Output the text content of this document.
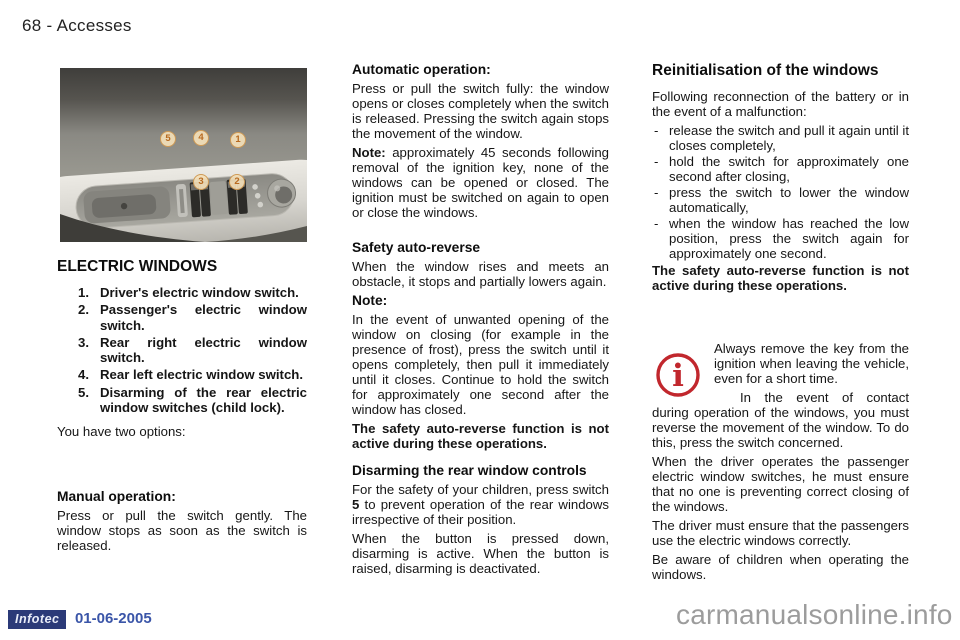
68 - Accesses
5	4	1
3	2
ELECTRIC WINDOWS
1. Driver's electric window switch.
2. Passenger's electric window switch.
3. Rear right electric window switch.
4. Rear left electric window switch.
5. Disarming of the rear electric window switches (child lock).

You have two options:

Manual operation:

Press or pull the switch gently. The window stops as soon as the switch is released.

Automatic operation:

Press or pull the switch fully: the window opens or closes completely when the switch is released. Pressing the switch again stops the movement of the window.

Note: approximately 45 seconds following removal of the ignition key, none of the windows can be opened or closed. The ignition must be switched on again to open or close the windows.

Safety auto-reverse

When the window rises and meets an obstacle, it stops and partially lowers again.

Note:

In the event of unwanted opening of the window on closing (for example in the presence of frost), press the switch until it opens completely, then pull it immediately until it closes. Continue to hold the switch for approximately one second after the window has closed.

The safety auto-reverse function is not active during these operations.

Disarming the rear window controls

For the safety of your children, press switch 5 to prevent operation of the rear windows irrespective of their position.

When the button is pressed down, disarming is active. When the button is raised, disarming is deactivated.

Reinitialisation of the windows

Following reconnection of the battery or in the event of a malfunction:

- release the switch and pull it again until it closes completely,
- hold the switch for approximately one second after closing,
- press the switch to lower the window automatically,
- when the window has reached the low position, press the switch again for approximately one second.

The safety auto-reverse function is not active during these operations.

i

Always remove the key from the ignition when leaving the vehicle, even for a short time.

In the event of contact during operation of the windows, you must reverse the movement of the window. To do this, press the switch concerned.

When the driver operates the passenger electric window switches, he must ensure that no one is preventing correct closing of the windows.

The driver must ensure that the passengers use the electric windows correctly.

Be aware of children when operating the windows.

Infotec 01-06-2005	carmanualsonline.info
